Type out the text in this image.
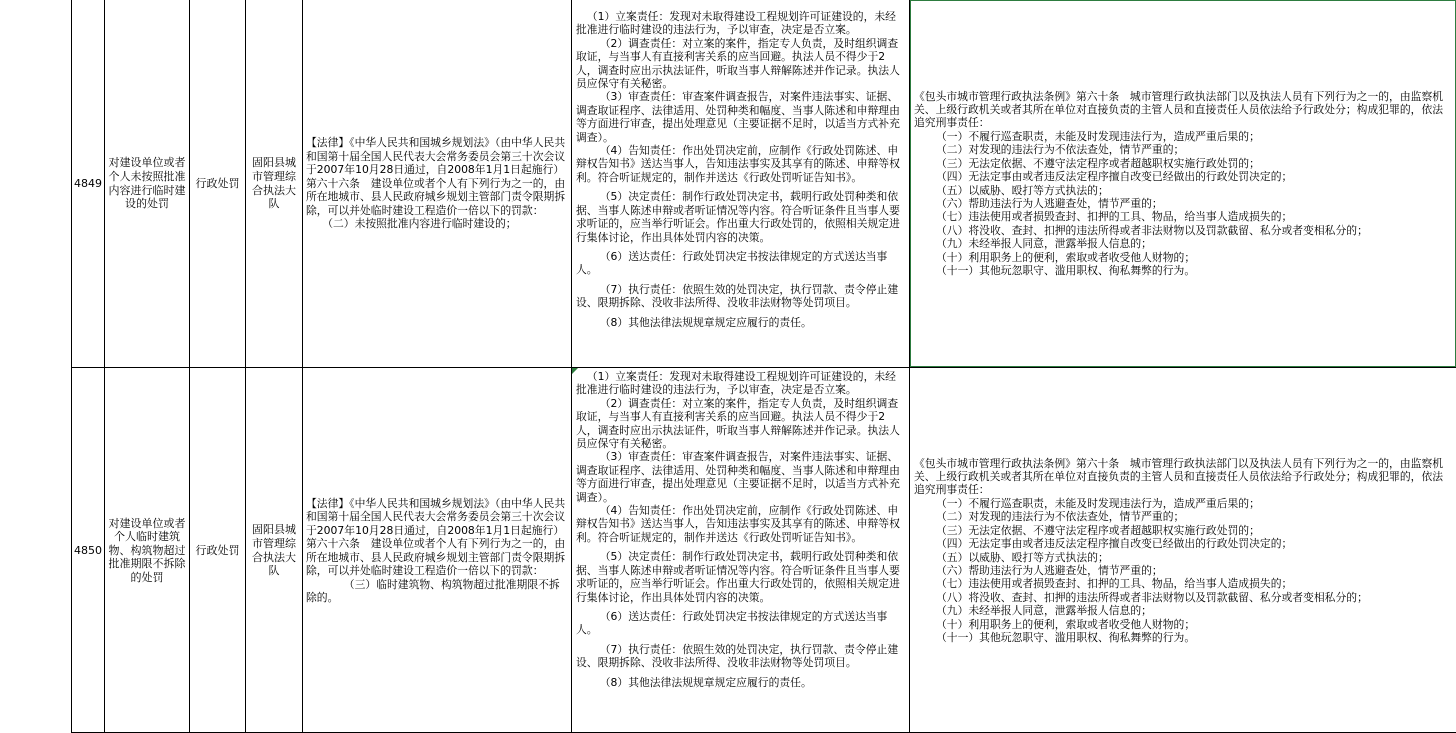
4849
对建设单位或者个人未按照批准内容进行临时建设的处罚
行政处罚
固阳县城市管理综合执法大队
【法律】《中华人民共和国城乡规划法》（由中华人民共和国第十届全国人民代表大会常务委员会第三十次会议于2007年10月28日通过，自2008年1月1日起施行）第六十六条　建设单位或者个人有下列行为之一的，由所在地城市、县人民政府城乡规划主管部门责令限期拆除，可以并处临时建设工程造价一倍以下的罚款：
　　（二）未按照批准内容进行临时建设的；

（1）立案责任：发现对未取得建设工程规划许可证建设的，未经批准进行临时建设的违法行为，予以审查，决定是否立案。

（2）调查责任：对立案的案件，指定专人负责，及时组织调查取证，与当事人有直接利害关系的应当回避。执法人员不得少于2人，调查时应出示执法证件，听取当事人辩解陈述并作记录。执法人员应保守有关秘密。

（3）审查责任：审查案件调查报告，对案件违法事实、证据、调查取证程序、法律适用、处罚种类和幅度、当事人陈述和申辩理由等方面进行审查，提出处理意见（主要证据不足时，以适当方式补充调查）。

（4）告知责任：作出处罚决定前，应制作《行政处罚陈述、申辩权告知书》送达当事人，告知违法事实及其享有的陈述、申辩等权利。符合听证规定的，制作并送达《行政处罚听证告知书》。

（5）决定责任：制作行政处罚决定书，载明行政处罚种类和依据、当事人陈述申辩或者听证情况等内容。符合听证条件且当事人要求听证的，应当举行听证会。作出重大行政处罚的，依照相关规定进行集体讨论，作出具体处罚内容的决策。

（6）送达责任：行政处罚决定书按法律规定的方式送达当事人。

（7）执行责任：依照生效的处罚决定，执行罚款、责令停止建设、限期拆除、没收非法所得、没收非法财物等处罚项目。

（8）其他法律法规规章规定应履行的责任。

《包头市城市管理行政执法条例》第六十条　城市管理行政执法部门以及执法人员有下列行为之一的，由监察机关、上级行政机关或者其所在单位对直接负责的主管人员和直接责任人员依法给予行政处分；构成犯罪的，依法追究刑事责任：

（一）不履行巡查职责，未能及时发现违法行为，造成严重后果的；

（二）对发现的违法行为不依法查处，情节严重的；

（三）无法定依据、不遵守法定程序或者超越职权实施行政处罚的；

（四）无法定事由或者违反法定程序擅自改变已经做出的行政处罚决定的；

（五）以威胁、殴打等方式执法的；

（六）帮助违法行为人逃避查处，情节严重的；

（七）违法使用或者损毁查封、扣押的工具、物品，给当事人造成损失的；

（八）将没收、查封、扣押的违法所得或者非法财物以及罚款截留、私分或者变相私分的；

（九）未经举报人同意，泄露举报人信息的；

（十）利用职务上的便利，索取或者收受他人财物的；

（十一）其他玩忽职守、滥用职权、徇私舞弊的行为。

4850
对建设单位或者个人临时建筑物、构筑物超过批准期限不拆除的处罚
行政处罚
固阳县城市管理综合执法大队
【法律】《中华人民共和国城乡规划法》（由中华人民共和国第十届全国人民代表大会常务委员会第三十次会议于2007年10月28日通过，自2008年1月1日起施行）第六十六条　建设单位或者个人有下列行为之一的，由所在地城市、县人民政府城乡规划主管部门责令限期拆除，可以并处临时建设工程造价一倍以下的罚款：
　　　　（三）临时建筑物、构筑物超过批准期限不拆除的。

（1）立案责任：发现对未取得建设工程规划许可证建设的，未经批准进行临时建设的违法行为，予以审查，决定是否立案。

（2）调查责任：对立案的案件，指定专人负责，及时组织调查取证，与当事人有直接利害关系的应当回避。执法人员不得少于2人，调查时应出示执法证件，听取当事人辩解陈述并作记录。执法人员应保守有关秘密。

（3）审查责任：审查案件调查报告，对案件违法事实、证据、调查取证程序、法律适用、处罚种类和幅度、当事人陈述和申辩理由等方面进行审查，提出处理意见（主要证据不足时，以适当方式补充调查）。

（4）告知责任：作出处罚决定前，应制作《行政处罚陈述、申辩权告知书》送达当事人，告知违法事实及其享有的陈述、申辩等权利。符合听证规定的，制作并送达《行政处罚听证告知书》。

（5）决定责任：制作行政处罚决定书，载明行政处罚种类和依据、当事人陈述申辩或者听证情况等内容。符合听证条件且当事人要求听证的，应当举行听证会。作出重大行政处罚的，依照相关规定进行集体讨论，作出具体处罚内容的决策。

（6）送达责任：行政处罚决定书按法律规定的方式送达当事人。

（7）执行责任：依照生效的处罚决定，执行罚款、责令停止建设、限期拆除、没收非法所得、没收非法财物等处罚项目。

（8）其他法律法规规章规定应履行的责任。

《包头市城市管理行政执法条例》第六十条　城市管理行政执法部门以及执法人员有下列行为之一的，由监察机关、上级行政机关或者其所在单位对直接负责的主管人员和直接责任人员依法给予行政处分；构成犯罪的，依法追究刑事责任：

（一）不履行巡查职责，未能及时发现违法行为，造成严重后果的；

（二）对发现的违法行为不依法查处，情节严重的；

（三）无法定依据、不遵守法定程序或者超越职权实施行政处罚的；

（四）无法定事由或者违反法定程序擅自改变已经做出的行政处罚决定的；

（五）以威胁、殴打等方式执法的；

（六）帮助违法行为人逃避查处，情节严重的；

（七）违法使用或者损毁查封、扣押的工具、物品，给当事人造成损失的；

（八）将没收、查封、扣押的违法所得或者非法财物以及罚款截留、私分或者变相私分的；

（九）未经举报人同意，泄露举报人信息的；

（十）利用职务上的便利，索取或者收受他人财物的；

（十一）其他玩忽职守、滥用职权、徇私舞弊的行为。
